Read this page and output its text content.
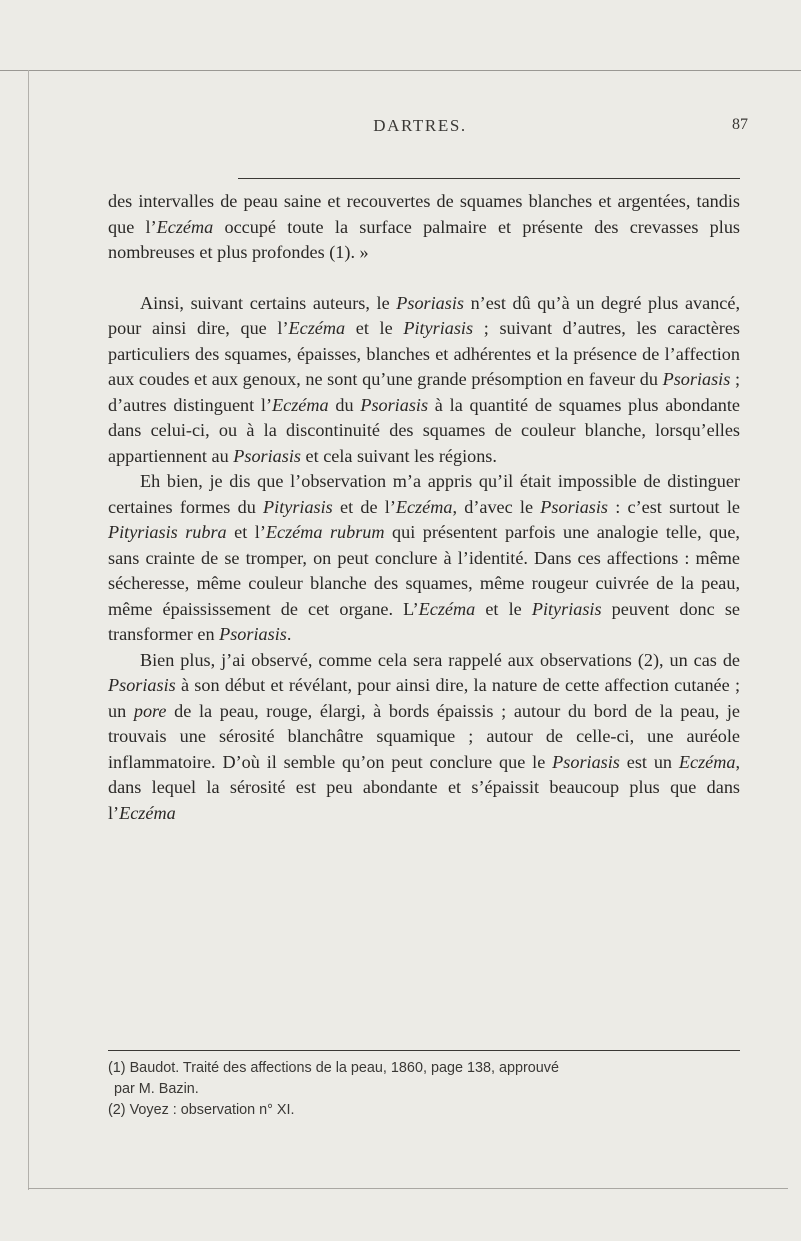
DARTRES.	87

des intervalles de peau saine et recouvertes de squames blanches et argentées, tandis que l’Eczéma occupé toute la surface palmaire et présente des crevasses plus nombreuses et plus profondes (1). »

Ainsi, suivant certains auteurs, le Psoriasis n’est dû qu’à un degré plus avancé, pour ainsi dire, que l’Eczéma et le Pityriasis ; suivant d’autres, les caractères particuliers des squames, épaisses, blanches et adhérentes et la présence de l’affection aux coudes et aux genoux, ne sont qu’une grande présomption en faveur du Psoriasis ; d’autres distinguent l’Eczéma du Psoriasis à la quantité de squames plus abondante dans celui-ci, ou à la discontinuité des squames de couleur blanche, lorsqu’elles appartiennent au Psoriasis et cela suivant les régions.

Eh bien, je dis que l’observation m’a appris qu’il était impossible de distinguer certaines formes du Pityriasis et de l’Eczéma, d’avec le Psoriasis : c’est surtout le Pityriasis rubra et l’Eczéma rubrum qui présentent parfois une analogie telle, que, sans crainte de se tromper, on peut conclure à l’identité. Dans ces affections : même sécheresse, même couleur blanche des squames, même rougeur cuivrée de la peau, même épaississement de cet organe. L’Eczéma et le Pityriasis peuvent donc se transformer en Psoriasis.

Bien plus, j’ai observé, comme cela sera rappelé aux observations (2), un cas de Psoriasis à son début et révélant, pour ainsi dire, la nature de cette affection cutanée ; un pore de la peau, rouge, élargi, à bords épaissis ; autour du bord de la peau, je trouvais une sérosité blanchâtre squamique ; autour de celle-ci, une auréole inflammatoire. D’où il semble qu’on peut conclure que le Psoriasis est un Eczéma, dans lequel la sérosité est peu abondante et s’épaissit beaucoup plus que dans l’Eczéma

(1) Baudot. Traité des affections de la peau, 1860, page 138, approuvé

par M. Bazin.

(2) Voyez : observation n° XI.
